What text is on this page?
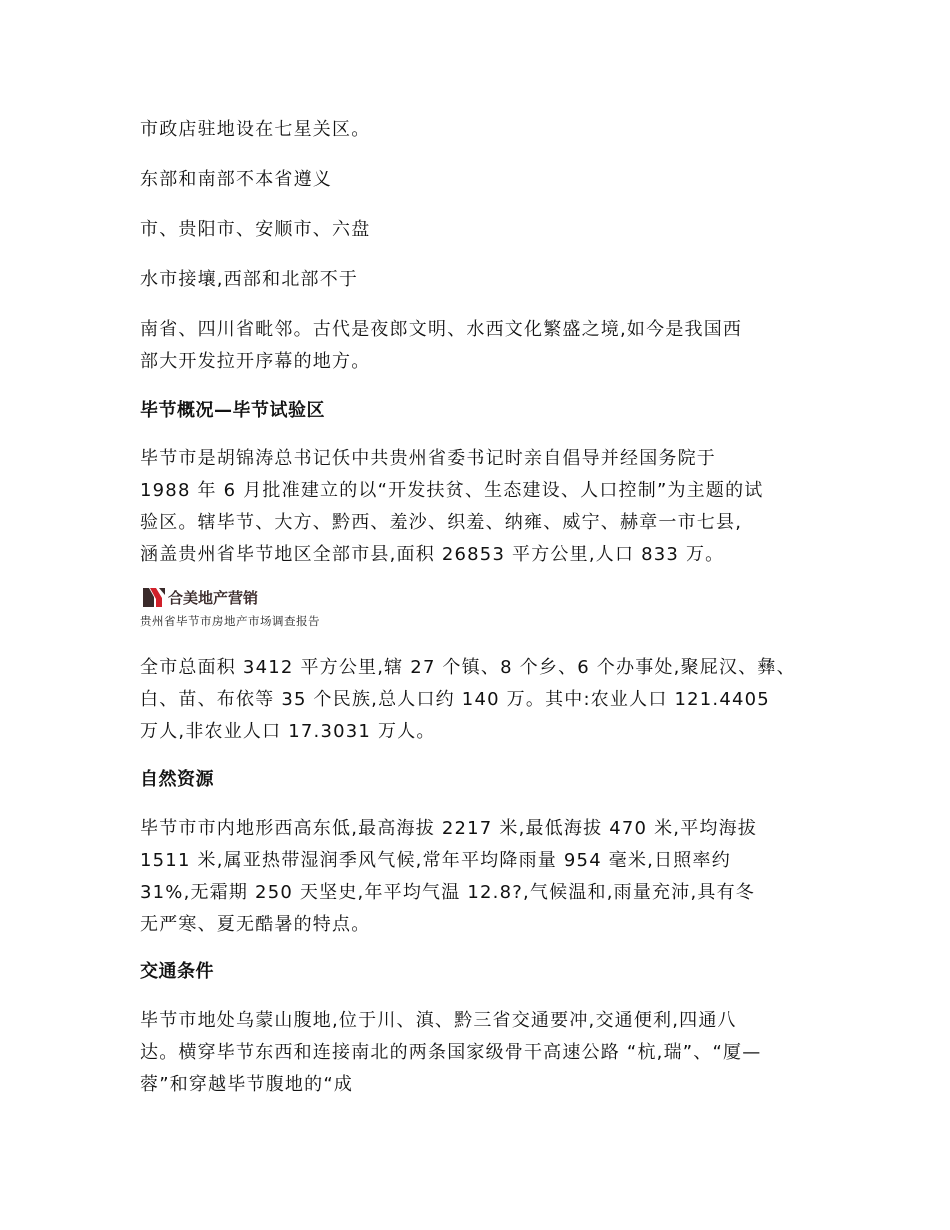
市政店驻地设在七星关区。
东部和南部不本省遵义
市、贵阳市、安顺市、六盘
水市接壤,西部和北部不于
南省、四川省毗邻。古代是夜郎文明、水西文化繁盛之境,如今是我国西
部大开发拉开序幕的地方。
毕节概况—毕节试验区
毕节市是胡锦涛总书记仸中共贵州省委书记时亲自倡导并经国务院于
1988 年 6 月批准建立的以“开发扶贫、生态建设、人口控制”为主题的试
验区。辖毕节、大方、黔西、羞沙、织羞、纳雍、威宁、赫章一市七县,
涵盖贵州省毕节地区全部市县,面积 26853 平方公里,人口 833 万。
合美地产营销
贵州省毕节市房地产市场调查报告
全市总面积 3412 平方公里,辖 27 个镇、8 个乡、6 个办事处,聚屁汉、彝、
白、苗、布依等 35 个民族,总人口约 140 万。其中:农业人口 121.4405
万人,非农业人口 17.3031 万人。
自然资源
毕节市市内地形西高东低,最高海拔 2217 米,最低海拔 470 米,平均海拔
1511 米,属亚热带湿润季风气候,常年平均降雨量 954 毫米,日照率约
31%,无霜期 250 天坚史,年平均气温 12.8?,气候温和,雨量充沛,具有冬
无严寒、夏无酷暑的特点。
交通条件
毕节市地处乌蒙山腹地,位于川、滇、黔三省交通要冲,交通便利,四通八
达。横穿毕节东西和连接南北的两条国家级骨干高速公路 “杭,瑞”、“厦—
蓉”和穿越毕节腹地的“成
